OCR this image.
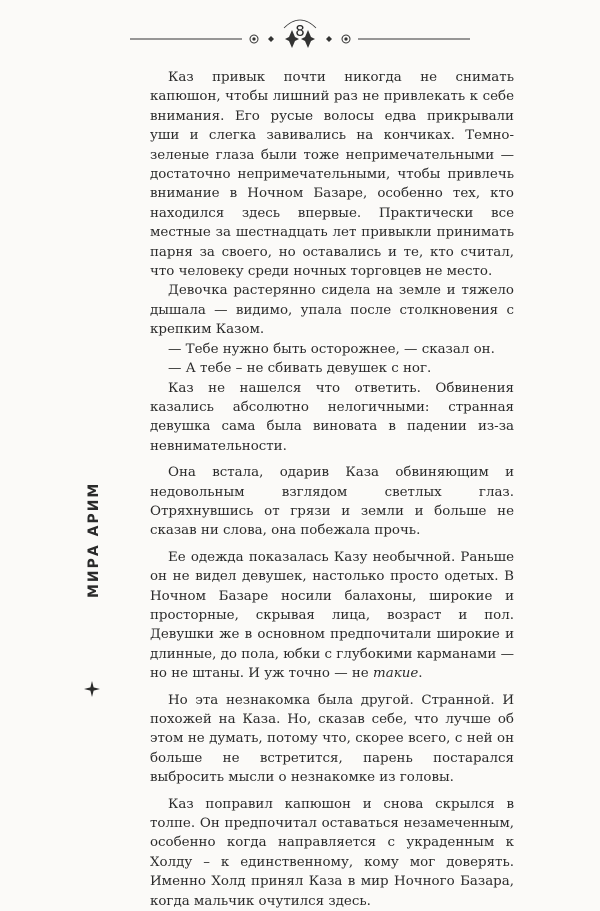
8

Каз привык почти никогда не снимать капюшон, чтобы лишний раз не привлекать к себе внимания. Его русые волосы едва прикрывали уши и слегка завивались на кончиках. Темно-зеленые глаза были тоже непримечательными — достаточно непримечательными, чтобы привлечь внимание в Ночном Базаре, особенно тех, кто находился здесь впервые. Практически все местные за шестнадцать лет привыкли принимать парня за своего, но оставались и те, кто считал, что человеку среди ночных торговцев не место.

Девочка растерянно сидела на земле и тяжело дышала — видимо, упала после столкновения с крепким Казом.

— Тебе нужно быть осторожнее, — сказал он.

— А тебе – не сбивать девушек с ног.

Каз не нашелся что ответить. Обвинения казались абсолютно нелогичными: странная девушка сама была виновата в падении из-за невнимательности.

Она встала, одарив Каза обвиняющим и недовольным взглядом светлых глаз. Отряхнувшись от грязи и земли и больше не сказав ни слова, она побежала прочь.

Ее одежда показалась Казу необычной. Раньше он не видел девушек, настолько просто одетых. В Ночном Базаре носили балахоны, широкие и просторные, скрывая лица, возраст и пол. Девушки же в основном предпочитали широкие и длинные, до пола, юбки с глубокими карманами — но не штаны. И уж точно — не такие.

Но эта незнакомка была другой. Странной. И похожей на Каза. Но, сказав себе, что лучше об этом не думать, потому что, скорее всего, с ней он больше не встретится, парень постарался выбросить мысли о незнакомке из головы.

Каз поправил капюшон и снова скрылся в толпе. Он предпочитал оставаться незамеченным, особенно когда направляется с украденным к Холду – к единственному, кому мог доверять. Именно Холд принял Каза в мир Ночного Базара, когда мальчик очутился здесь.

МИРА АРИМ
